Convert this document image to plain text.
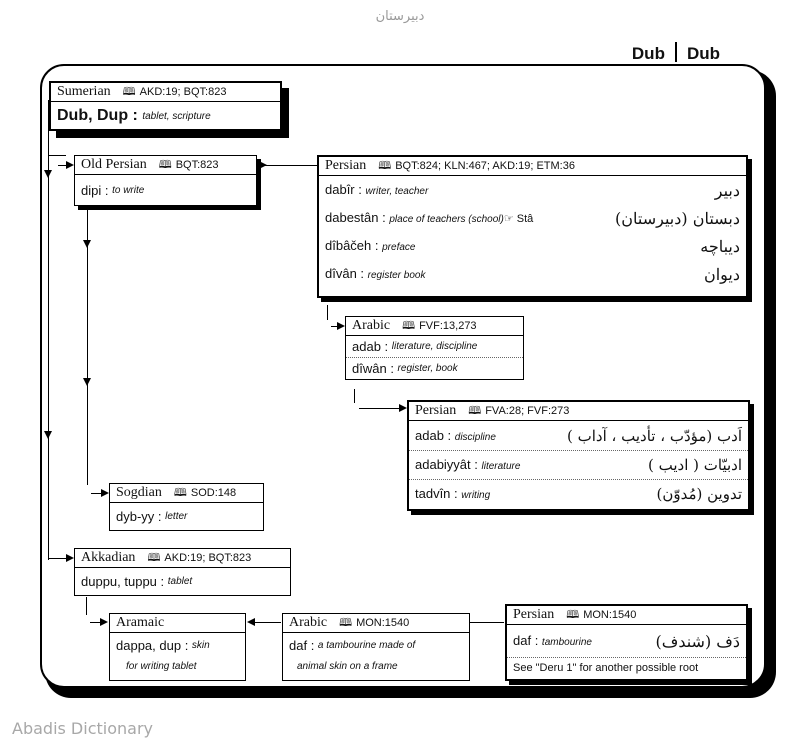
دبیرستان
Dub Dub
Sumerian 🕮 AKD:19; BQT:823
Dub, Dup :
tablet, scripture
Old Persian 🕮 BQT:823
dipi : to write
Persian 🕮 BQT:824; KLN:467; AKD:19; ETM:36
dabîr : writer, teacher	دبیر
dabestân : place of teachers (school)☞ Stâ	دبستان (دبیرستان)
dîbâčeh : preface	دیباچه
dîvân : register book	دیوان
Arabic 🕮 FVF:13,273
adab : literature, discipline
dîwân : register, book
Persian 🕮 FVA:28; FVF:273
adab : discipline	اَدب (مؤدّب ، تأدیب ، آداب )
adabiyyât : literature	ادبیّات ( ادیب )
tadvîn : writing	تدوین (مُدوّن)
Sogdian 🕮 SOD:148
dyb-yy : letter
Akkadian 🕮 AKD:19; BQT:823
duppu, tuppu : tablet
Aramaic
dappa, dup : skin
for writing tablet
Arabic 🕮 MON:1540
daf : a tambourine made of
animal skin on a frame
Persian 🕮 MON:1540
daf : tambourine	دَف (شندف)
See "Deru 1" for another possible root
Abadis Dictionary
